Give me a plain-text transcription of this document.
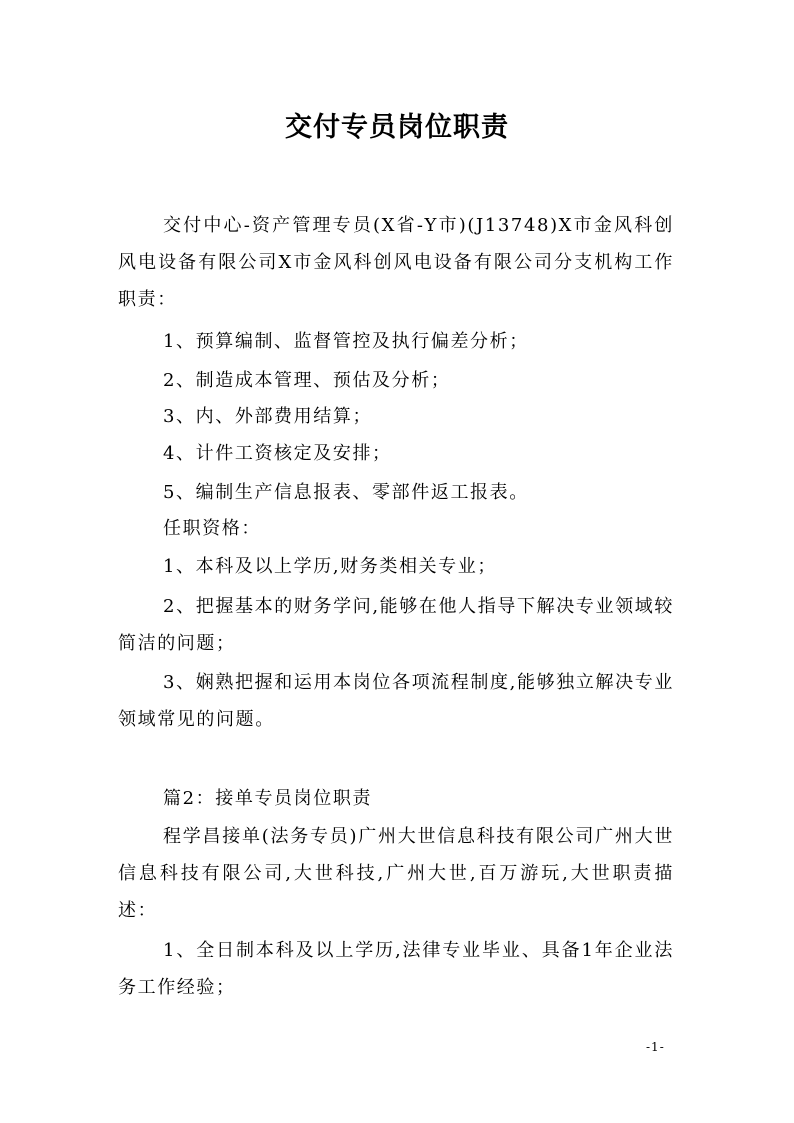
交付专员岗位职责

交付中心-资产管理专员(X省-Y市)(J13748)X市金风科创风电设备有限公司X市金风科创风电设备有限公司分支机构工作职责：

1、预算编制、监督管控及执行偏差分析；

2、制造成本管理、预估及分析；

3、内、外部费用结算；

4、计件工资核定及安排；

5、编制生产信息报表、零部件返工报表。

任职资格：

1、本科及以上学历,财务类相关专业；

2、把握基本的财务学问,能够在他人指导下解决专业领域较简洁的问题；

3、娴熟把握和运用本岗位各项流程制度,能够独立解决专业领域常见的问题。

篇2：接单专员岗位职责

程学昌接单(法务专员)广州大世信息科技有限公司广州大世信息科技有限公司,大世科技,广州大世,百万游玩,大世职责描述：

1、全日制本科及以上学历,法律专业毕业、具备1年企业法务工作经验；

-1-
